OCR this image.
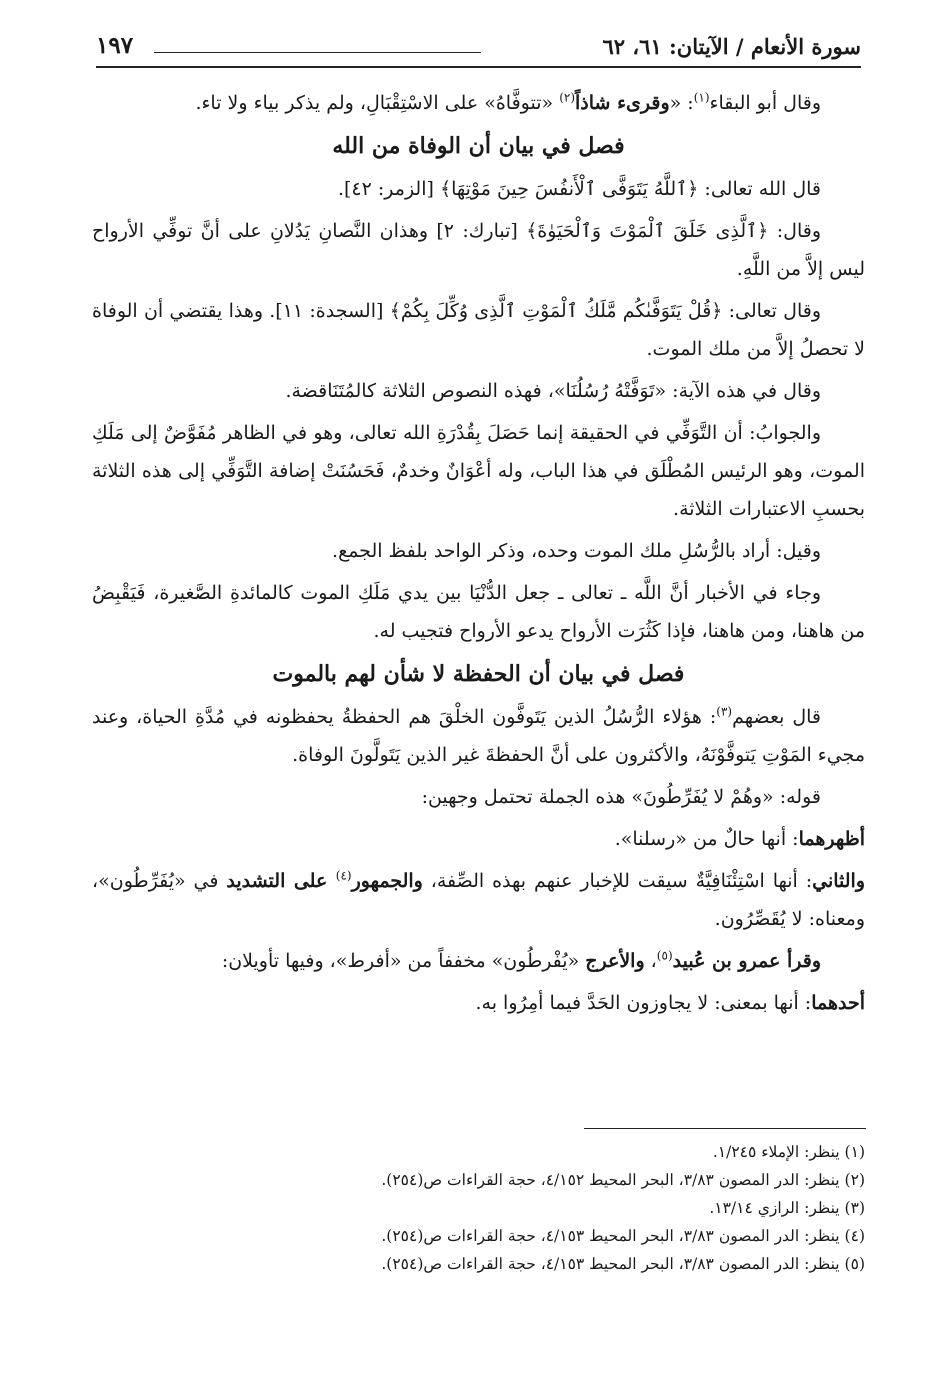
سورة الأنعام / الآيتان: ٦١، ٦٢
١٩٧

وقال أبو البقاء$^{(١)}$: «وقرىء شاذاً$^{(٢)}$ «تتوفَّاهُ» على الاسْتِقْبَالِ، ولم يذكر بياء ولا تاء.

فصل في بيان أن الوفاة من الله

قال الله تعالى: ﴿ٱللَّهُ يَتَوَفَّى ٱلْأَنفُسَ حِينَ مَوْتِهَا﴾ [الزمر: ٤٢].

وقال: ﴿ٱلَّذِى خَلَقَ ٱلْمَوْتَ وَٱلْحَيَوٰةَ﴾ [تبارك: ٢] وهذان النَّصانِ يَدُلانِ على أنَّ توفِّي الأرواح ليس إلاَّ من اللَّهِ.

وقال تعالى: ﴿قُلْ يَتَوَفَّىٰكُم مَّلَكُ ٱلْمَوْتِ ٱلَّذِى وُكِّلَ بِكُمْ﴾ [السجدة: ١١]. وهذا يقتضي أن الوفاة لا تحصلُ إلاَّ من ملك الموت.

وقال في هذه الآية: «تَوَفَّتْهُ رُسُلُنَا»، فهذه النصوص الثلاثة كالمُتَنَاقضة.

والجوابُ: أن التَّوَفِّي في الحقيقة إنما حَصَلَ بِقُدْرَةِ الله تعالى، وهو في الظاهر مُفَوَّضٌ إلى مَلَكِ الموت، وهو الرئيس المُطْلَق في هذا الباب، وله أعْوَانٌ وخدمٌ، فَحَسُنَتْ إضافة التَّوَفِّي إلى هذه الثلاثة بحسبِ الاعتبارات الثلاثة.

وقيل: أراد بالرُّسُلِ ملك الموت وحده، وذكر الواحد بلفظ الجمع.

وجاء في الأخبار أنَّ اللَّه ـ تعالى ـ جعل الدُّنْيَا بين يدي مَلَكِ الموت كالمائدةِ الصَّغيرة، فَيَقْبِضُ من هاهنا، ومن هاهنا، فإذا كَثُرَت الأرواح يدعو الأرواح فتجيب له.

فصل في بيان أن الحفظة لا شأن لهم بالموت

قال بعضهم$^{(٣)}$: هؤلاء الرُّسُلُ الذين يَتَوفَّون الخلْقَ هم الحفظةُ يحفظونه في مُدَّةِ الحياة، وعند مجيء المَوْتِ يَتوفَّوْنَهُ، والأكثرون على أنَّ الحفظةَ غير الذين يَتَولَّونَ الوفاة.

قوله: «وهُمْ لا يُفَرِّطُونَ» هذه الجملة تحتمل وجهين:

أظهرهما: أنها حالٌ من «رسلنا».

والثاني: أنها اسْتِئْنَافِيَّةٌ سيقت للإخبار عنهم بهذه الصِّفة، والجمهور$^{(٤)}$ على التشديد في «يُفَرِّطُون»، ومعناه: لا يُقَصِّرُون.

وقرأ عمرو بن عُبيد$^{(٥)}$، والأعرج «يُفْرطُون» مخففاً من «أفرط»، وفيها تأويلان:

أحدهما: أنها بمعنى: لا يجاوزون الحَدَّ فيما أمِرُوا به.

(١) ينظر: الإملاء ١/٢٤٥.
(٢) ينظر: الدر المصون ٣/٨٣، البحر المحيط ٤/١٥٢، حجة القراءات ص(٢٥٤).
(٣) ينظر: الرازي ١٣/١٤.
(٤) ينظر: الدر المصون ٣/٨٣، البحر المحيط ٤/١٥٣، حجة القراءات ص(٢٥٤).
(٥) ينظر: الدر المصون ٣/٨٣، البحر المحيط ٤/١٥٣، حجة القراءات ص(٢٥٤).
